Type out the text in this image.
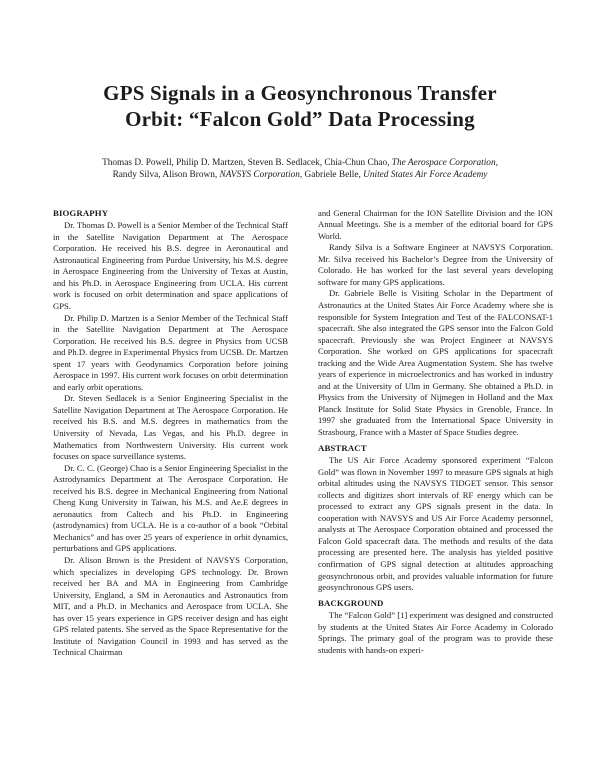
GPS Signals in a Geosynchronous Transfer
Orbit: “Falcon Gold” Data Processing
Thomas D. Powell, Philip D. Martzen, Steven B. Sedlacek, Chia-Chun Chao, The Aerospace Corporation,
Randy Silva, Alison Brown, NAVSYS Corporation, Gabriele Belle, United States Air Force Academy
BIOGRAPHY

Dr. Thomas D. Powell is a Senior Member of the Technical Staff in the Satellite Navigation Department at The Aerospace Corporation. He received his B.S. degree in Aeronautical and Astronautical Engineering from Purdue University, his M.S. degree in Aerospace Engineering from the University of Texas at Austin, and his Ph.D. in Aerospace Engineering from UCLA. His current work is focused on orbit determination and space applications of GPS.

Dr. Philip D. Martzen is a Senior Member of the Technical Staff in the Satellite Navigation Department at The Aerospace Corporation. He received his B.S. degree in Physics from UCSB and Ph.D. degree in Experimental Physics from UCSB. Dr. Martzen spent 17 years with Geodynamics Corporation before joining Aerospace in 1997. His current work focuses on orbit determination and early orbit operations.

Dr. Steven Sedlacek is a Senior Engineering Specialist in the Satellite Navigation Department at The Aerospace Corporation. He received his B.S. and M.S. degrees in mathematics from the University of Nevada, Las Vegas, and his Ph.D. degree in Mathematics from Northwestern University. His current work focuses on space surveillance systems.

Dr. C. C. (George) Chao is a Senior Engineering Specialist in the Astrodynamics Department at The Aerospace Corporation. He received his B.S. degree in Mechanical Engineering from National Cheng Kung University in Taiwan, his M.S. and Ae.E degrees in aeronautics from Caltech and his Ph.D. in Engineering (astrodynamics) from UCLA. He is a co-author of a book “Orbital Mechanics” and has over 25 years of experience in orbit dynamics, perturbations and GPS applications.

Dr. Alison Brown is the President of NAVSYS Corporation, which specializes in developing GPS technology. Dr. Brown received her BA and MA in Engineering from Cambridge University, England, a SM in Aeronautics and Astronautics from MIT, and a Ph.D. in Mechanics and Aerospace from UCLA. She has over 15 years experience in GPS receiver design and has eight GPS related patents. She served as the Space Representative for the Institute of Navigation Council in 1993 and has served as the Technical Chairman

and General Chairman for the ION Satellite Division and the ION Annual Meetings. She is a member of the editorial board for GPS World.

Randy Silva is a Software Engineer at NAVSYS Corporation. Mr. Silva received his Bachelor’s Degree from the University of Colorado. He has worked for the last several years developing software for many GPS applications.

Dr. Gabriele Belle is Visiting Scholar in the Department of Astronautics at the United States Air Force Academy where she is responsible for System Integration and Test of the FALCONSAT-1 spacecraft. She also integrated the GPS sensor into the Falcon Gold spacecraft. Previously she was Project Engineer at NAVSYS Corporation. She worked on GPS applications for spacecraft tracking and the Wide Area Augmentation System. She has twelve years of experience in microelectronics and has worked in industry and at the University of Ulm in Germany. She obtained a Ph.D. in Physics from the University of Nijmegen in Holland and the Max Planck Institute for Solid State Physics in Grenoble, France. In 1997 she graduated from the International Space University in Strasbourg, France with a Master of Space Studies degree.

ABSTRACT

The US Air Force Academy sponsored experiment “Falcon Gold” was flown in November 1997 to measure GPS signals at high orbital altitudes using the NAVSYS TIDGET sensor. This sensor collects and digitizes short intervals of RF energy which can be processed to extract any GPS signals present in the data. In cooperation with NAVSYS and US Air Force Academy personnel, analysts at The Aerospace Corporation obtained and processed the Falcon Gold spacecraft data. The methods and results of the data processing are presented here. The analysis has yielded positive confirmation of GPS signal detection at altitudes approaching geosynchronous orbit, and provides valuable information for future geosynchronous GPS users.

BACKGROUND

The “Falcon Gold” [1] experiment was designed and constructed by students at the United States Air Force Academy in Colorado Springs. The primary goal of the program was to provide these students with hands-on experi-
